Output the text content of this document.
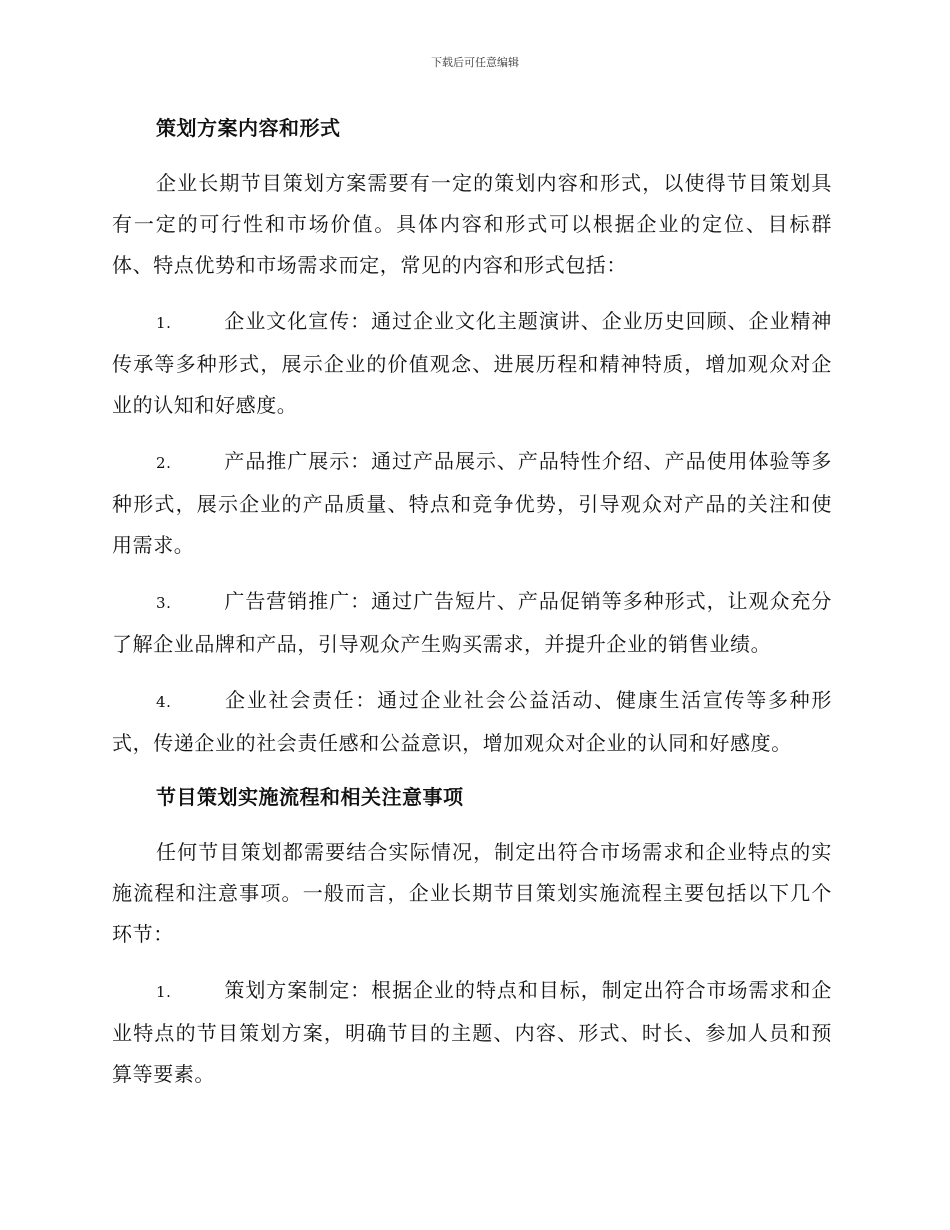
下载后可任意编辑
策划方案内容和形式

企业长期节目策划方案需要有一定的策划内容和形式，以使得节目策划具有一定的可行性和市场价值。具体内容和形式可以根据企业的定位、目标群体、特点优势和市场需求而定，常见的内容和形式包括：

1.	企业文化宣传：通过企业文化主题演讲、企业历史回顾、企业精神传承等多种形式，展示企业的价值观念、进展历程和精神特质，增加观众对企业的认知和好感度。

2.	产品推广展示：通过产品展示、产品特性介绍、产品使用体验等多种形式，展示企业的产品质量、特点和竞争优势，引导观众对产品的关注和使用需求。

3.	广告营销推广：通过广告短片、产品促销等多种形式，让观众充分了解企业品牌和产品，引导观众产生购买需求，并提升企业的销售业绩。

4.	企业社会责任：通过企业社会公益活动、健康生活宣传等多种形式，传递企业的社会责任感和公益意识，增加观众对企业的认同和好感度。

节目策划实施流程和相关注意事项

任何节目策划都需要结合实际情况，制定出符合市场需求和企业特点的实施流程和注意事项。一般而言，企业长期节目策划实施流程主要包括以下几个环节：

1.	策划方案制定：根据企业的特点和目标，制定出符合市场需求和企业特点的节目策划方案，明确节目的主题、内容、形式、时长、参加人员和预算等要素。
